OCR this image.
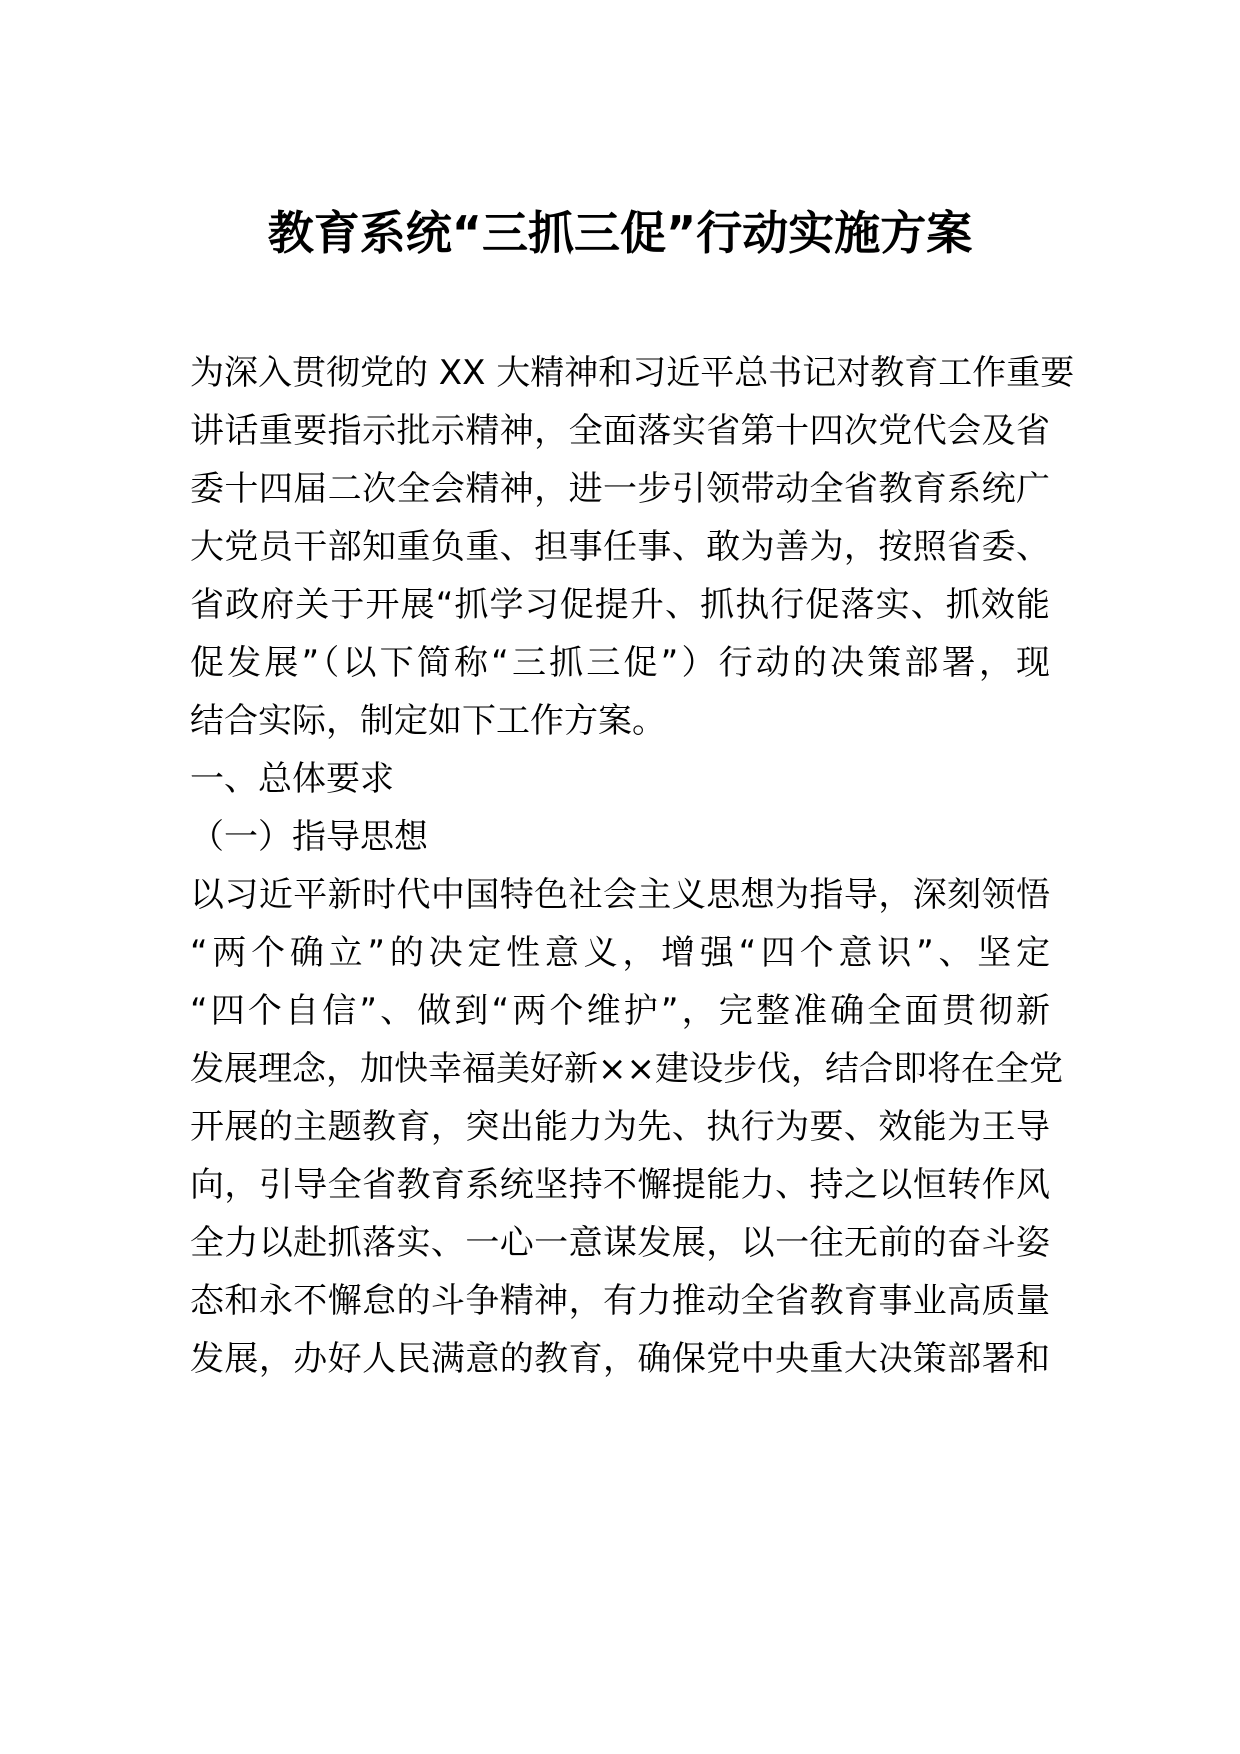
教育系统“三抓三促”行动实施方案

为深入贯彻党的 XX 大精神和习近平总书记对教育工作重要

讲话重要指示批示精神，全面落实省第十四次党代会及省

委十四届二次全会精神，进一步引领带动全省教育系统广

大党员干部知重负重、担事任事、敢为善为，按照省委、

省政府关于开展“抓学习促提升、抓执行促落实、抓效能

促发展”（以下简称“三抓三促”）行动的决策部署，现

结合实际，制定如下工作方案。

一、总体要求

（一）指导思想

以习近平新时代中国特色社会主义思想为指导，深刻领悟

“两个确立”的决定性意义，增强“四个意识”、坚定

“四个自信”、做到“两个维护”，完整准确全面贯彻新

发展理念，加快幸福美好新××建设步伐，结合即将在全党

开展的主题教育，突出能力为先、执行为要、效能为王导

向，引导全省教育系统坚持不懈提能力、持之以恒转作风

全力以赴抓落实、一心一意谋发展，以一往无前的奋斗姿

态和永不懈怠的斗争精神，有力推动全省教育事业高质量

发展，办好人民满意的教育，确保党中央重大决策部署和
